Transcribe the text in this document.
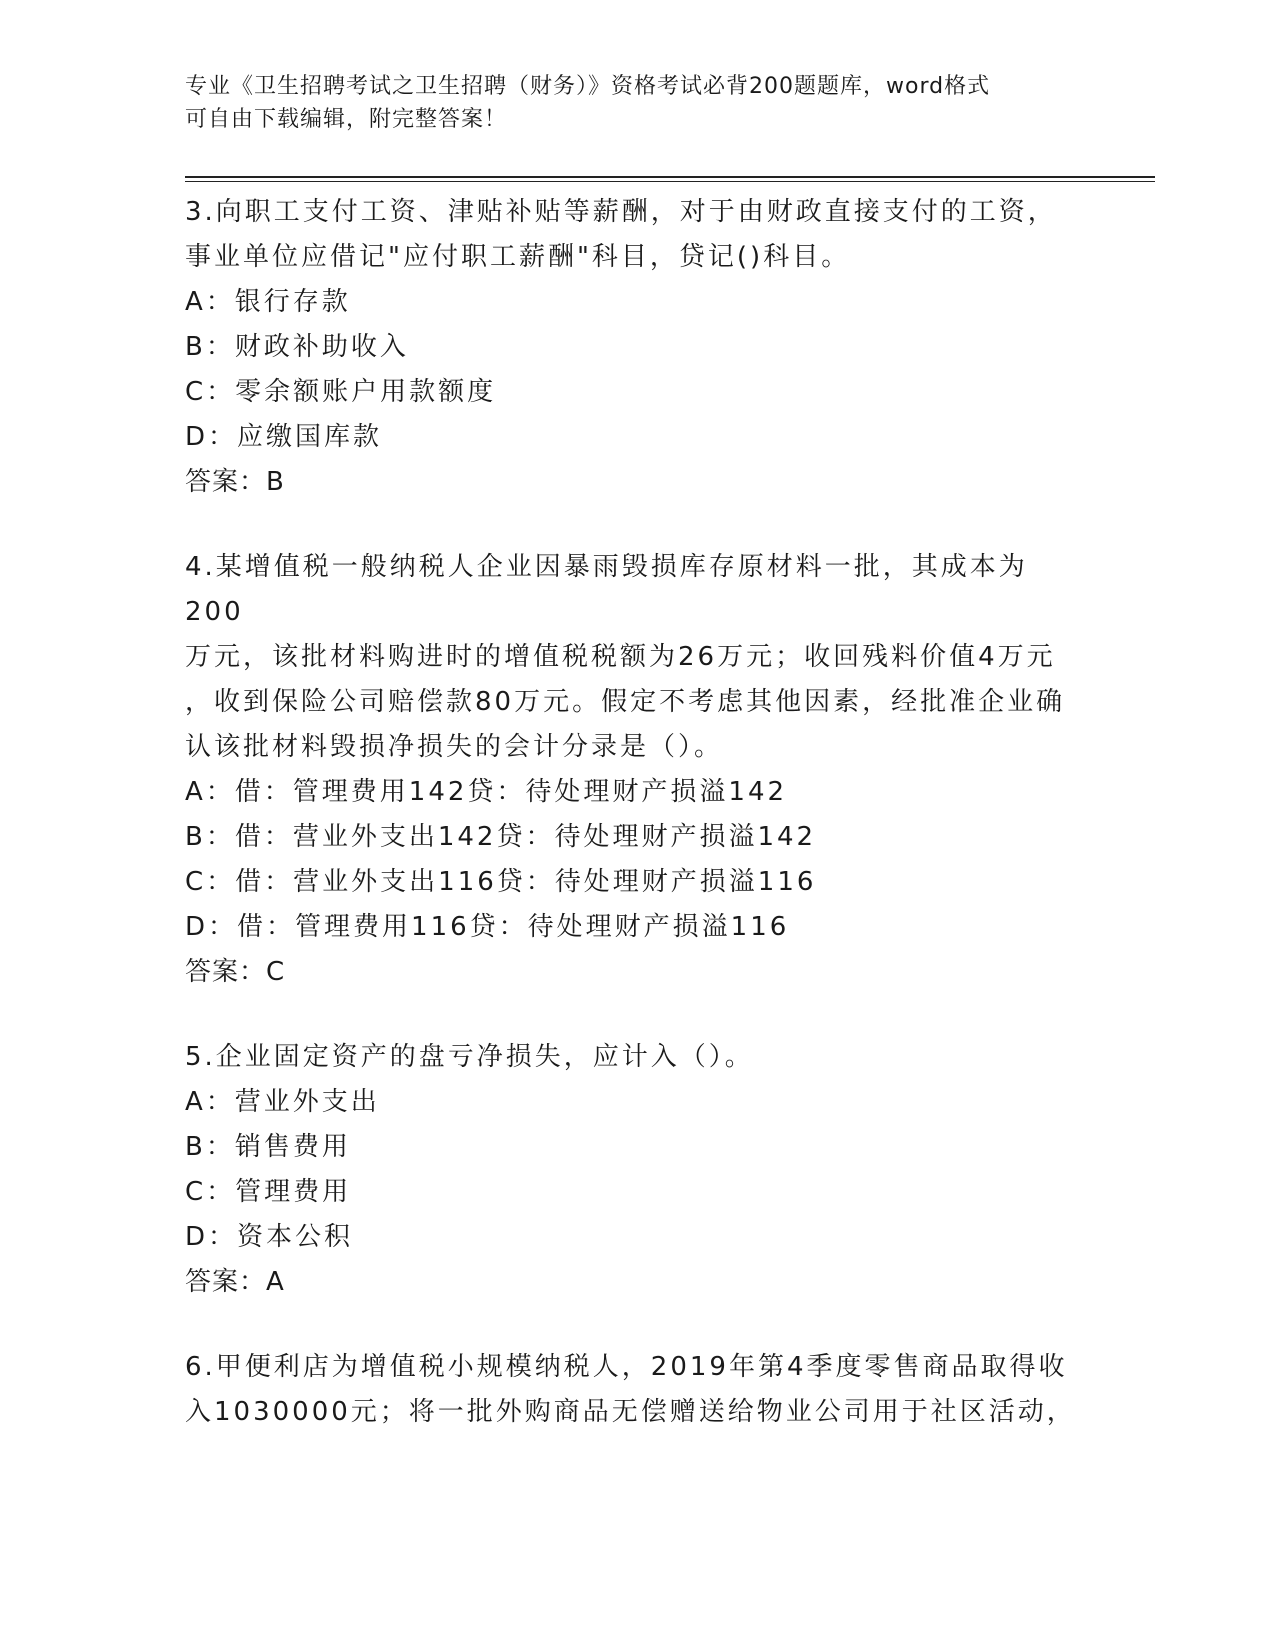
专业《卫生招聘考试之卫生招聘（财务）》资格考试必背200题题库，word格式
可自由下载编辑，附完整答案！
3.向职工支付工资、津贴补贴等薪酬，对于由财政直接支付的工资，
事业单位应借记"应付职工薪酬"科目，贷记()科目。
A：银行存款
B：财政补助收入
C：零余额账户用款额度
D：应缴国库款
答案：B
4.某增值税一般纳税人企业因暴雨毁损库存原材料一批，其成本为200
万元，该批材料购进时的增值税税额为26万元；收回残料价值4万元
，收到保险公司赔偿款80万元。假定不考虑其他因素，经批准企业确
认该批材料毁损净损失的会计分录是（）。
A：借：管理费用142贷：待处理财产损溢142
B：借：营业外支出142贷：待处理财产损溢142
C：借：营业外支出116贷：待处理财产损溢116
D：借：管理费用116贷：待处理财产损溢116
答案：C
5.企业固定资产的盘亏净损失，应计入（）。
A：营业外支出
B：销售费用
C：管理费用
D：资本公积
答案：A
6.甲便利店为增值税小规模纳税人，2019年第4季度零售商品取得收
入1030000元；将一批外购商品无偿赠送给物业公司用于社区活动，
